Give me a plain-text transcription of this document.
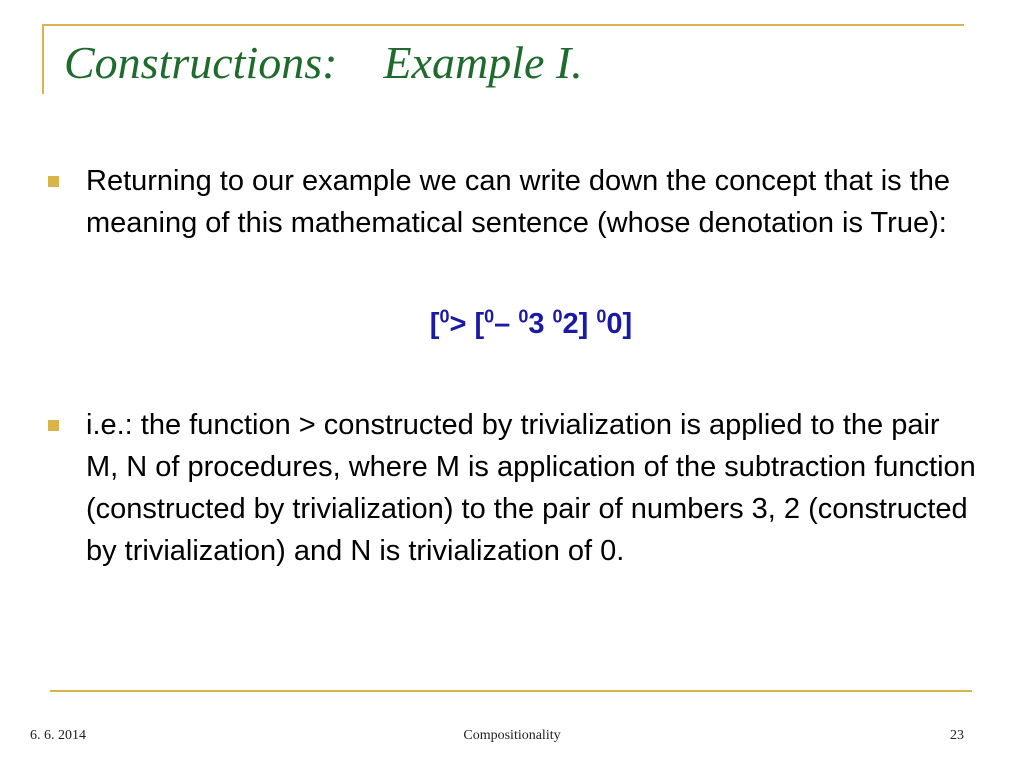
Constructions:    Example I.
Returning to our example we can write down the concept that is the meaning of this mathematical sentence (whose denotation is True):
[$^0$> [$^0$– $^0$3 $^0$2] $^0$0]
i.e.: the function > constructed by trivialization is applied to the pair M, N of procedures, where M is application of the subtraction function (constructed by trivialization) to the pair of numbers 3, 2 (constructed by trivialization) and N is trivialization of 0.
6. 6. 2014	Compositionality	23
